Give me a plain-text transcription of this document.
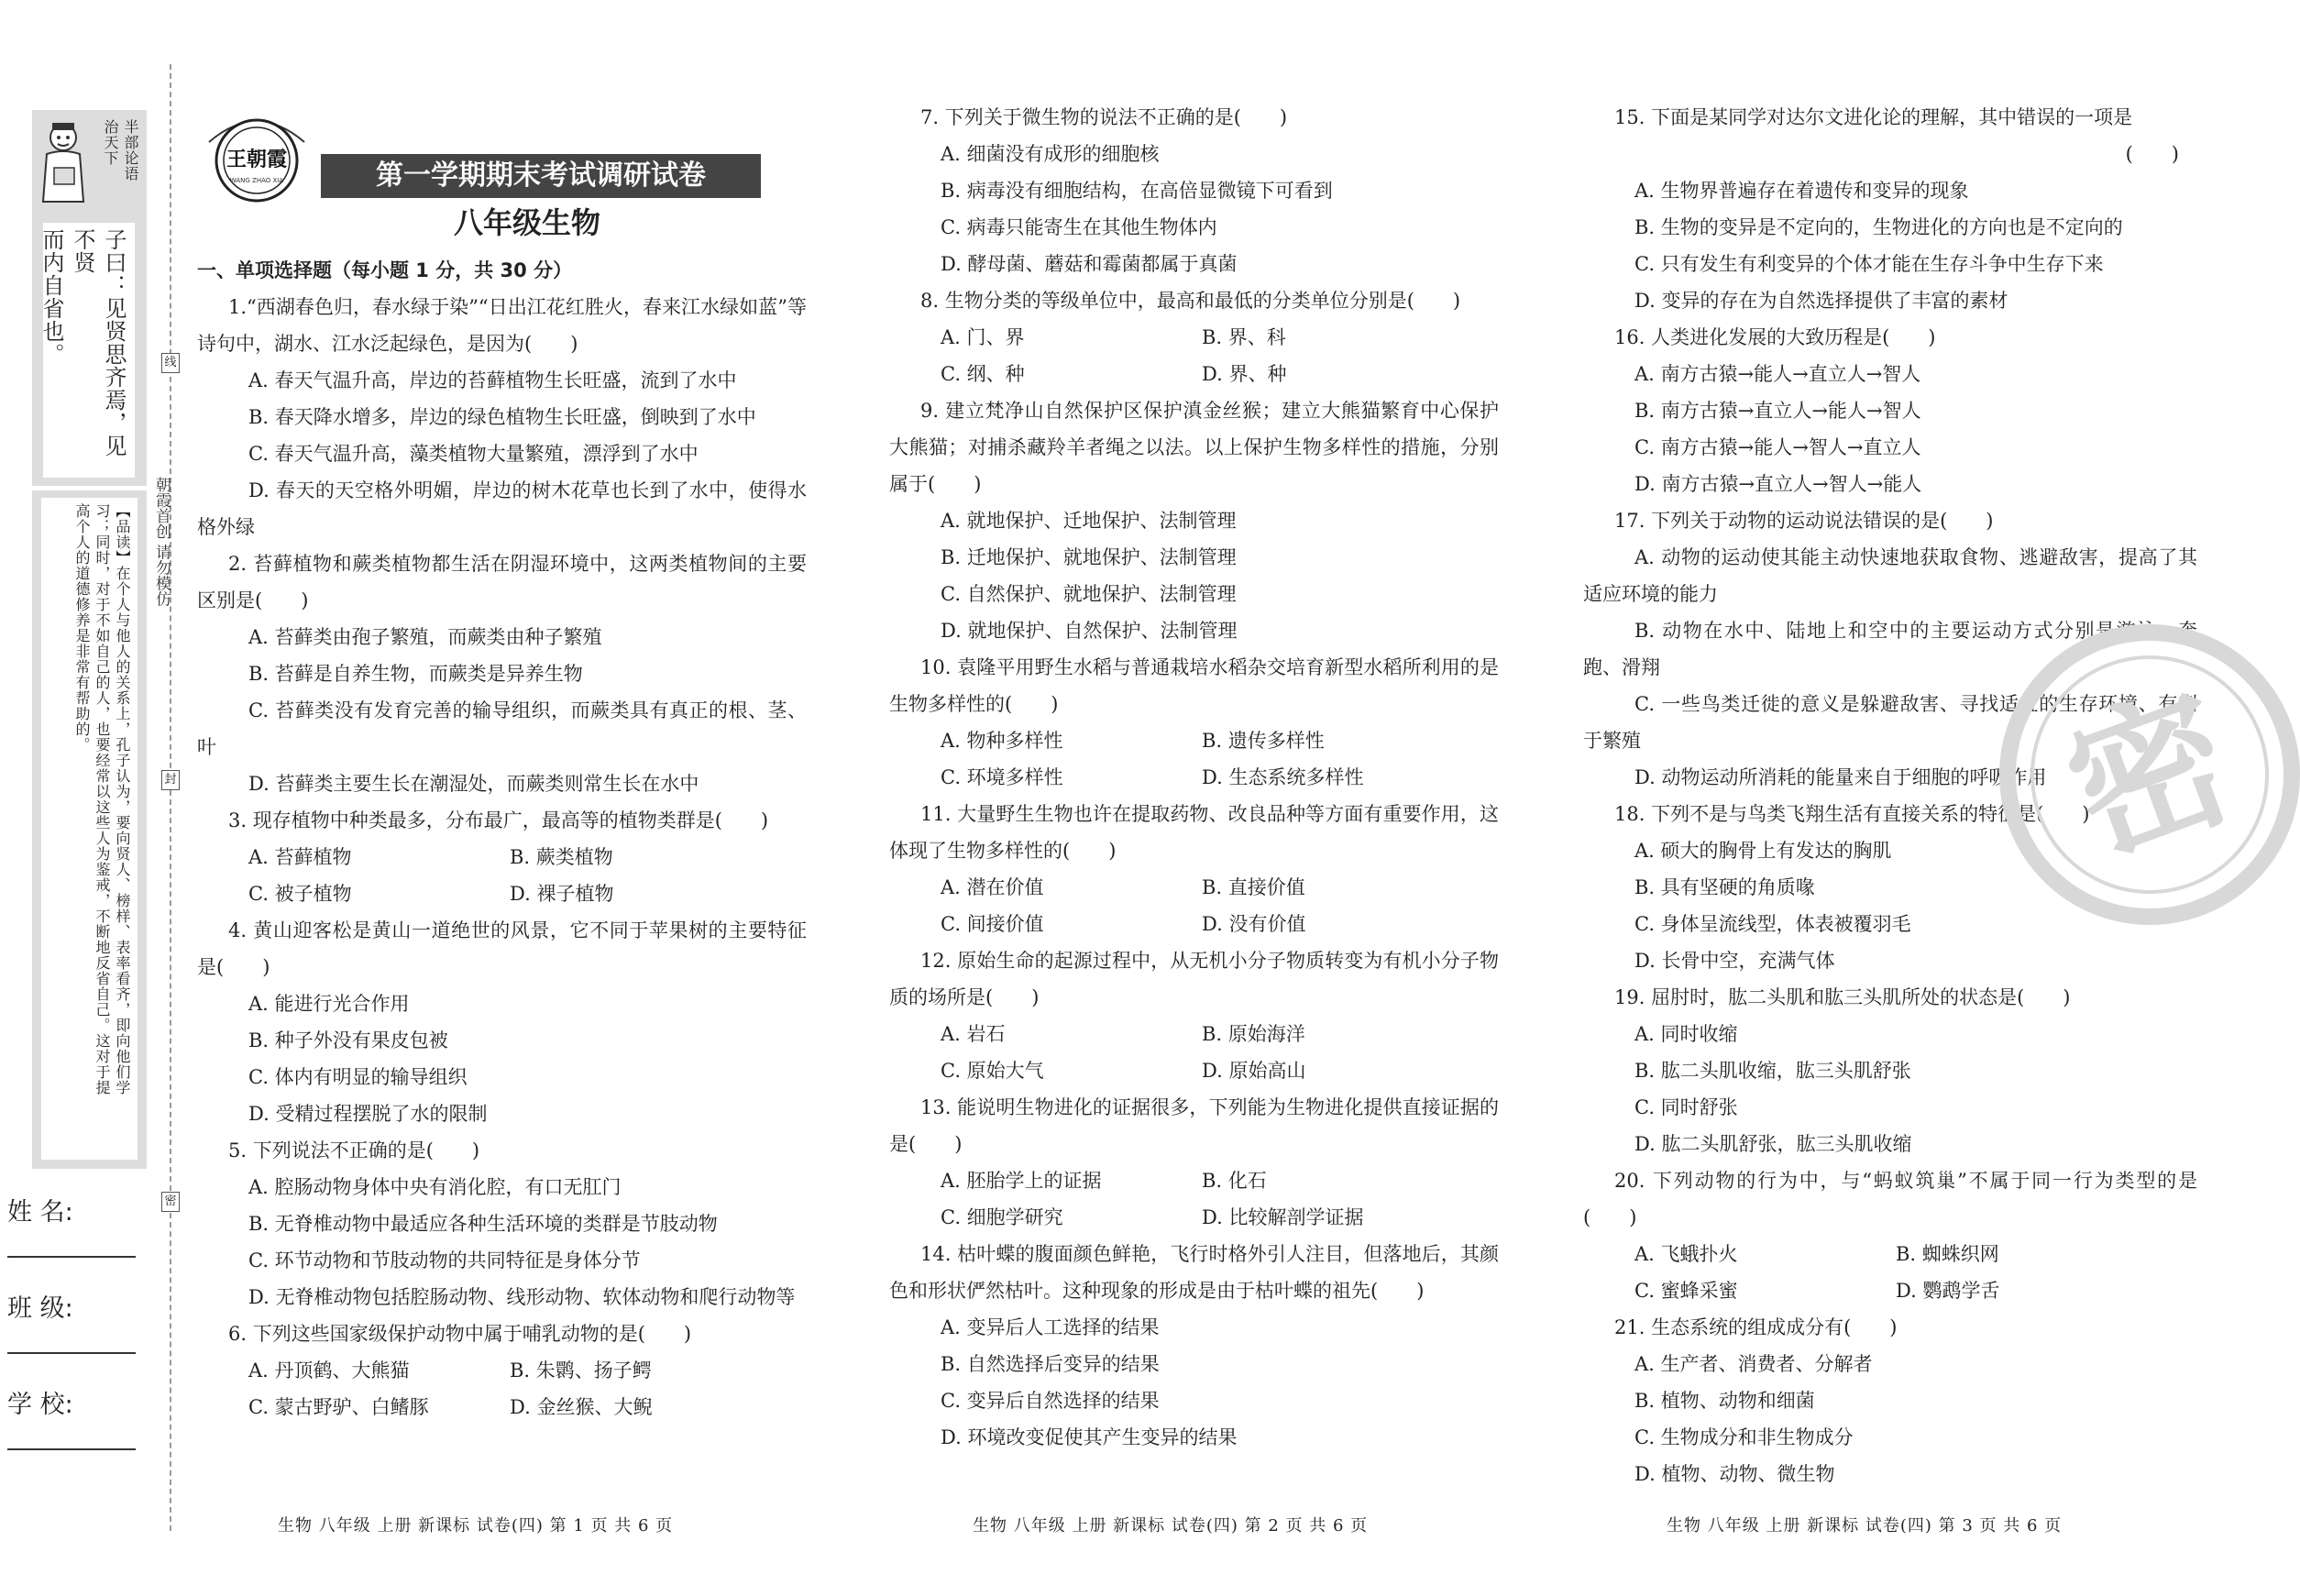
半部论语
治天下
子曰：见贤思齐焉，见不贤
而内自省也。
【品读】在个人与他人的关系上，孔子认为，要向贤人、榜样、表率看齐，即向他们学
习；同时，对于不如自己的人，也要经常以这些人为鉴戒，不断地反省自己。这对于提
高个人的道德修养是非常有帮助的。
姓 名:
班 级:
学 校:
线
朝霞首创 请勿模仿
封
密
王朝霞
WANG ZHAO XIA	第一学期期末考试调研试卷
八年级生物

一、单项选择题（每小题 1 分，共 30 分）

1.“西湖春色归，春水绿于染”“日出江花红胜火，春来江水绿如蓝”等诗句中，湖水、江水泛起绿色，是因为(　　)

A. 春天气温升高，岸边的苔藓植物生长旺盛，流到了水中

B. 春天降水增多，岸边的绿色植物生长旺盛，倒映到了水中

C. 春天气温升高，藻类植物大量繁殖，漂浮到了水中

D. 春天的天空格外明媚，岸边的树木花草也长到了水中，使得水格外绿

2. 苔藓植物和蕨类植物都生活在阴湿环境中，这两类植物间的主要区别是(　　)

A. 苔藓类由孢子繁殖，而蕨类由种子繁殖

B. 苔藓是自养生物，而蕨类是异养生物

C. 苔藓类没有发育完善的输导组织，而蕨类具有真正的根、茎、叶

D. 苔藓类主要生长在潮湿处，而蕨类则常生长在水中

3. 现存植物中种类最多，分布最广，最高等的植物类群是(　　)

A. 苔藓植物	B. 蕨类植物

C. 被子植物	D. 裸子植物

4. 黄山迎客松是黄山一道绝世的风景，它不同于苹果树的主要特征是(　　)

A. 能进行光合作用

B. 种子外没有果皮包被

C. 体内有明显的输导组织

D. 受精过程摆脱了水的限制

5. 下列说法不正确的是(　　)

A. 腔肠动物身体中央有消化腔，有口无肛门

B. 无脊椎动物中最适应各种生活环境的类群是节肢动物

C. 环节动物和节肢动物的共同特征是身体分节

D. 无脊椎动物包括腔肠动物、线形动物、软体动物和爬行动物等

6. 下列这些国家级保护动物中属于哺乳动物的是(　　)

A. 丹顶鹤、大熊猫	B. 朱鹮、扬子鳄

C. 蒙古野驴、白鳍豚	D. 金丝猴、大鲵

7. 下列关于微生物的说法不正确的是(　　)

A. 细菌没有成形的细胞核

B. 病毒没有细胞结构，在高倍显微镜下可看到

C. 病毒只能寄生在其他生物体内

D. 酵母菌、蘑菇和霉菌都属于真菌

8. 生物分类的等级单位中，最高和最低的分类单位分别是(　　)

A. 门、界	B. 界、科

C. 纲、种	D. 界、种

9. 建立梵净山自然保护区保护滇金丝猴；建立大熊猫繁育中心保护大熊猫；对捕杀藏羚羊者绳之以法。以上保护生物多样性的措施，分别属于(　　)

A. 就地保护、迁地保护、法制管理

B. 迁地保护、就地保护、法制管理

C. 自然保护、就地保护、法制管理

D. 就地保护、自然保护、法制管理

10. 袁隆平用野生水稻与普通栽培水稻杂交培育新型水稻所利用的是生物多样性的(　　)

A. 物种多样性	B. 遗传多样性

C. 环境多样性	D. 生态系统多样性

11. 大量野生生物也许在提取药物、改良品种等方面有重要作用，这体现了生物多样性的(　　)

A. 潜在价值	B. 直接价值

C. 间接价值	D. 没有价值

12. 原始生命的起源过程中，从无机小分子物质转变为有机小分子物质的场所是(　　)

A. 岩石	B. 原始海洋

C. 原始大气	D. 原始高山

13. 能说明生物进化的证据很多，下列能为生物进化提供直接证据的是(　　)

A. 胚胎学上的证据	B. 化石

C. 细胞学研究	D. 比较解剖学证据

14. 枯叶蝶的腹面颜色鲜艳，飞行时格外引人注目，但落地后，其颜色和形状俨然枯叶。这种现象的形成是由于枯叶蝶的祖先(　　)

A. 变异后人工选择的结果

B. 自然选择后变异的结果

C. 变异后自然选择的结果

D. 环境改变促使其产生变异的结果

15. 下面是某同学对达尔文进化论的理解，其中错误的一项是

(　　)

A. 生物界普遍存在着遗传和变异的现象

B. 生物的变异是不定向的，生物进化的方向也是不定向的

C. 只有发生有利变异的个体才能在生存斗争中生存下来

D. 变异的存在为自然选择提供了丰富的素材

16. 人类进化发展的大致历程是(　　)

A. 南方古猿→能人→直立人→智人

B. 南方古猿→直立人→能人→智人

C. 南方古猿→能人→智人→直立人

D. 南方古猿→直立人→智人→能人

17. 下列关于动物的运动说法错误的是(　　)

A. 动物的运动使其能主动快速地获取食物、逃避敌害，提高了其适应环境的能力

B. 动物在水中、陆地上和空中的主要运动方式分别是游泳、奔跑、滑翔

C. 一些鸟类迁徙的意义是躲避敌害、寻找适宜的生存环境、有利于繁殖

D. 动物运动所消耗的能量来自于细胞的呼吸作用

18. 下列不是与鸟类飞翔生活有直接关系的特征是(　　)

A. 硕大的胸骨上有发达的胸肌

B. 具有坚硬的角质喙

C. 身体呈流线型，体表被覆羽毛

D. 长骨中空，充满气体

19. 屈肘时，肱二头肌和肱三头肌所处的状态是(　　)

A. 同时收缩

B. 肱二头肌收缩，肱三头肌舒张

C. 同时舒张

D. 肱二头肌舒张，肱三头肌收缩

20. 下列动物的行为中，与“蚂蚁筑巢”不属于同一行为类型的是(　　)

A. 飞蛾扑火	B. 蜘蛛织网

C. 蜜蜂采蜜	D. 鹦鹉学舌

21. 生态系统的组成成分有(　　)

A. 生产者、消费者、分解者

B. 植物、动物和细菌

C. 生物成分和非生物成分

D. 植物、动物、微生物

生物 八年级 上册 新课标 试卷(四) 第 1 页 共 6 页	生物 八年级 上册 新课标 试卷(四) 第 2 页 共 6 页	生物 八年级 上册 新课标 试卷(四) 第 3 页 共 6 页
密
